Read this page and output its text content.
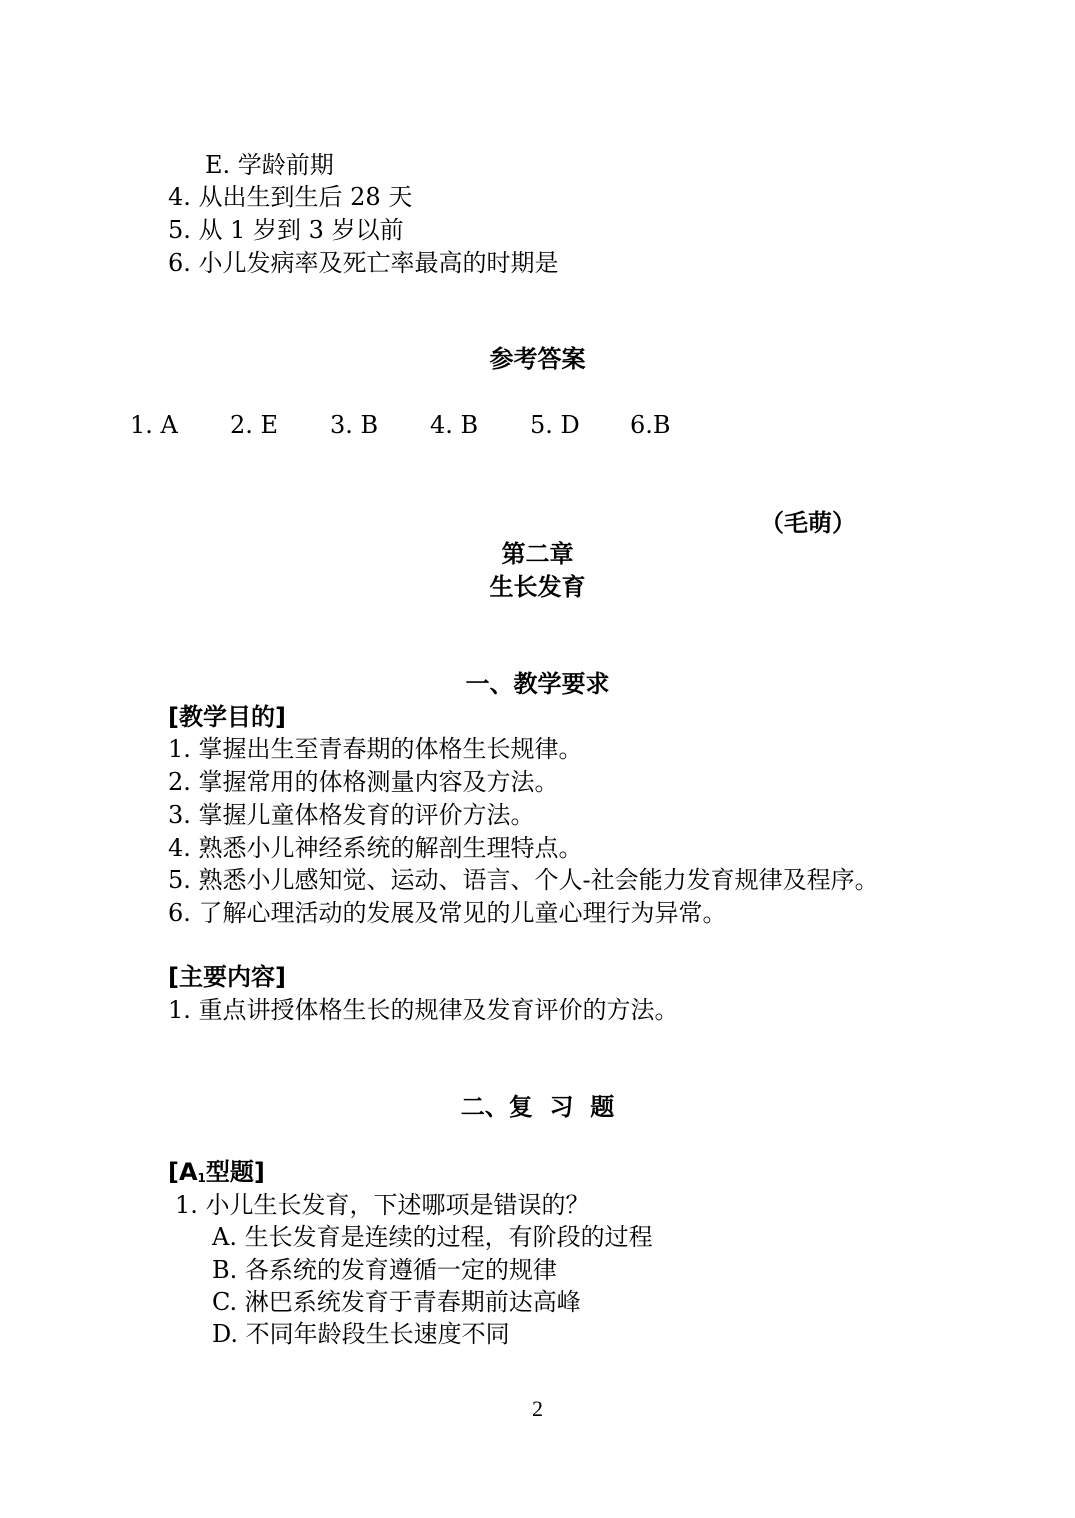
E. 学龄前期
4. 从出生到生后 28 天
5. 从 1 岁到 3 岁以前
6. 小儿发病率及死亡率最高的时期是
参考答案
1. A 2. E 3. B 4. B 5. D 6.B
（毛萌）
第二章
生长发育
一、教学要求
[教学目的]
1. 掌握出生至青春期的体格生长规律。
2. 掌握常用的体格测量内容及方法。
3. 掌握儿童体格发育的评价方法。
4. 熟悉小儿神经系统的解剖生理特点。
5. 熟悉小儿感知觉、运动、语言、个人-社会能力发育规律及程序。
6. 了解心理活动的发展及常见的儿童心理行为异常。
[主要内容]
1. 重点讲授体格生长的规律及发育评价的方法。
二、复  习  题
[$A_1$型题]
1. 小儿生长发育，下述哪项是错误的？
A. 生长发育是连续的过程，有阶段的过程
B. 各系统的发育遵循一定的规律
C. 淋巴系统发育于青春期前达高峰
D. 不同年龄段生长速度不同
2
